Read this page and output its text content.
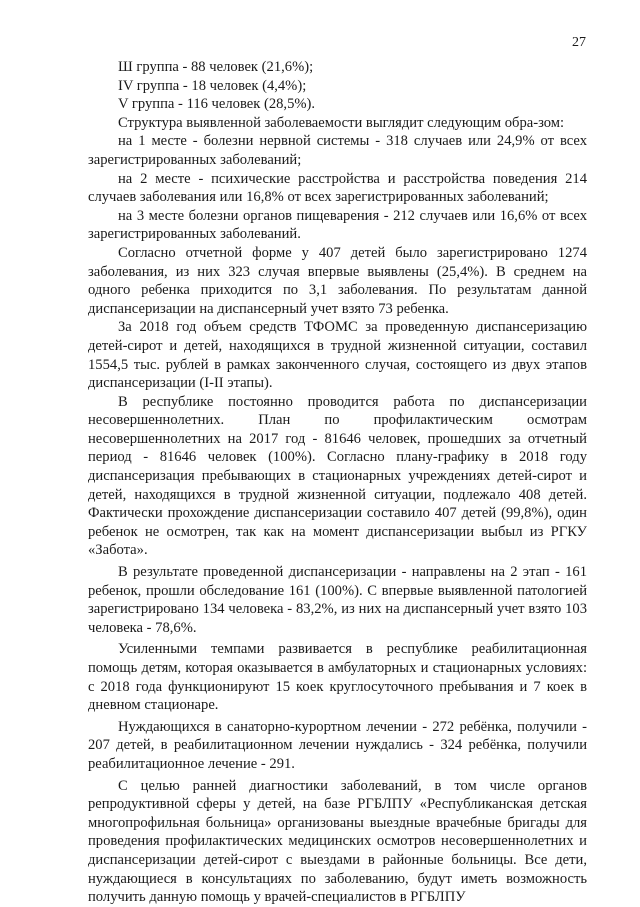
27

Ш группа - 88 человек (21,6%);

IV группа - 18 человек (4,4%);

V группа - 116 человек (28,5%).

Структура выявленной заболеваемости выглядит следующим обра-зом:

на 1 месте - болезни нервной системы - 318 случаев или 24,9% от всех зарегистрированных заболеваний;

на 2 месте - психические расстройства и расстройства поведения 214 случаев заболевания или 16,8% от всех зарегистрированных заболеваний;

на 3 месте болезни органов пищеварения - 212 случаев или 16,6% от всех зарегистрированных заболеваний.

Согласно отчетной форме у 407 детей было зарегистрировано 1274 заболевания, из них 323 случая впервые выявлены (25,4%). В среднем на одного ребенка приходится по 3,1 заболевания. По результатам данной диспансеризации на диспансерный учет взято 73 ребенка.

За 2018 год объем средств ТФОМС за проведенную диспансеризацию детей-сирот и детей, находящихся в трудной жизненной ситуации, составил 1554,5 тыс. рублей в рамках законченного случая, состоящего из двух этапов диспансеризации (I-II этапы).

В республике постоянно проводится работа по диспансеризации несовершеннолетних. План по профилактическим осмотрам несовершеннолетних на 2017 год - 81646 человек, прошедших за отчетный период - 81646 человек (100%). Согласно плану-графику в 2018 году диспансеризация пребывающих в стационарных учреждениях детей-сирот и детей, находящихся в трудной жизненной ситуации, подлежало 408 детей. Фактически прохождение диспансеризации составило 407 детей (99,8%), один ребенок не осмотрен, так как на момент диспансеризации выбыл из РГКУ «Забота».

В результате проведенной диспансеризации - направлены на 2 этап - 161 ребенок, прошли обследование 161 (100%). С впервые выявленной патологией зарегистрировано 134 человека - 83,2%, из них на диспансерный учет взято 103 человека - 78,6%.

Усиленными темпами развивается в республике реабилитационная помощь детям, которая оказывается в амбулаторных и стационарных условиях: с 2018 года функционируют 15 коек круглосуточного пребывания и 7 коек в дневном стационаре.

Нуждающихся в санаторно-курортном лечении - 272 ребёнка, получили - 207 детей, в реабилитационном лечении нуждались - 324 ребёнка, получили реабилитационное лечение - 291.

С целью ранней диагностики заболеваний, в том числе органов репродуктивной сферы у детей, на базе РГБЛПУ «Республиканская детская многопрофильная больница» организованы выездные врачебные бригады для проведения профилактических медицинских осмотров несовершеннолетних и диспансеризации детей-сирот с выездами в районные больницы. Все дети, нуждающиеся в консультациях по заболеванию, будут иметь возможность получить данную помощь у врачей-специалистов в РГБЛПУ
